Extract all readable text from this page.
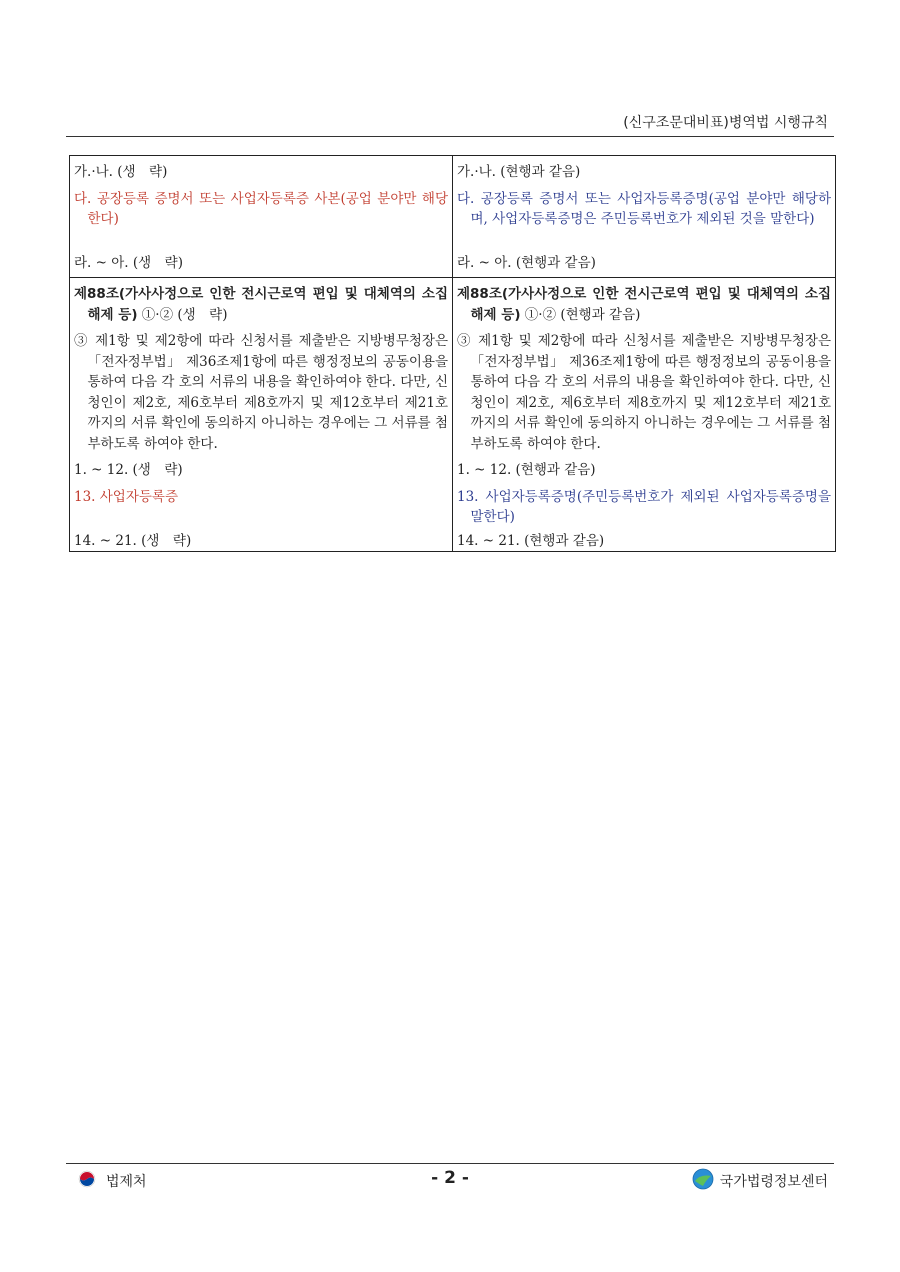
(신구조문대비표)병역법 시행규칙
가.·나. (생　략)	가.·나. (현행과 같음)

다. 공장등록 증명서 또는 사업자등록증 사본(공업 분야만 해당한다)	다. 공장등록 증명서 또는 사업자등록증명(공업 분야만 해당하며, 사업자등록증명은 주민등록번호가 제외된 것을 말한다)

라. ~ 아. (생　략)	라. ~ 아. (현행과 같음)

제88조(가사사정으로 인한 전시근로역 편입 및 대체역의 소집해제 등) ①·② (생　략)	제88조(가사사정으로 인한 전시근로역 편입 및 대체역의 소집해제 등) ①·② (현행과 같음)

③ 제1항 및 제2항에 따라 신청서를 제출받은 지방병무청장은 「전자정부법」 제36조제1항에 따른 행정정보의 공동이용을 통하여 다음 각 호의 서류의 내용을 확인하여야 한다. 다만, 신청인이 제2호, 제6호부터 제8호까지 및 제12호부터 제21호까지의 서류 확인에 동의하지 아니하는 경우에는 그 서류를 첨부하도록 하여야 한다.	③ 제1항 및 제2항에 따라 신청서를 제출받은 지방병무청장은 「전자정부법」 제36조제1항에 따른 행정정보의 공동이용을 통하여 다음 각 호의 서류의 내용을 확인하여야 한다. 다만, 신청인이 제2호, 제6호부터 제8호까지 및 제12호부터 제21호까지의 서류 확인에 동의하지 아니하는 경우에는 그 서류를 첨부하도록 하여야 한다.

1. ~ 12. (생　략)	1. ~ 12. (현행과 같음)

13. 사업자등록증	13. 사업자등록증명(주민등록번호가 제외된 사업자등록증명을 말한다)

14. ~ 21. (생　략)	14. ~ 21. (현행과 같음)
법제처	- 2 -	국가법령정보센터
